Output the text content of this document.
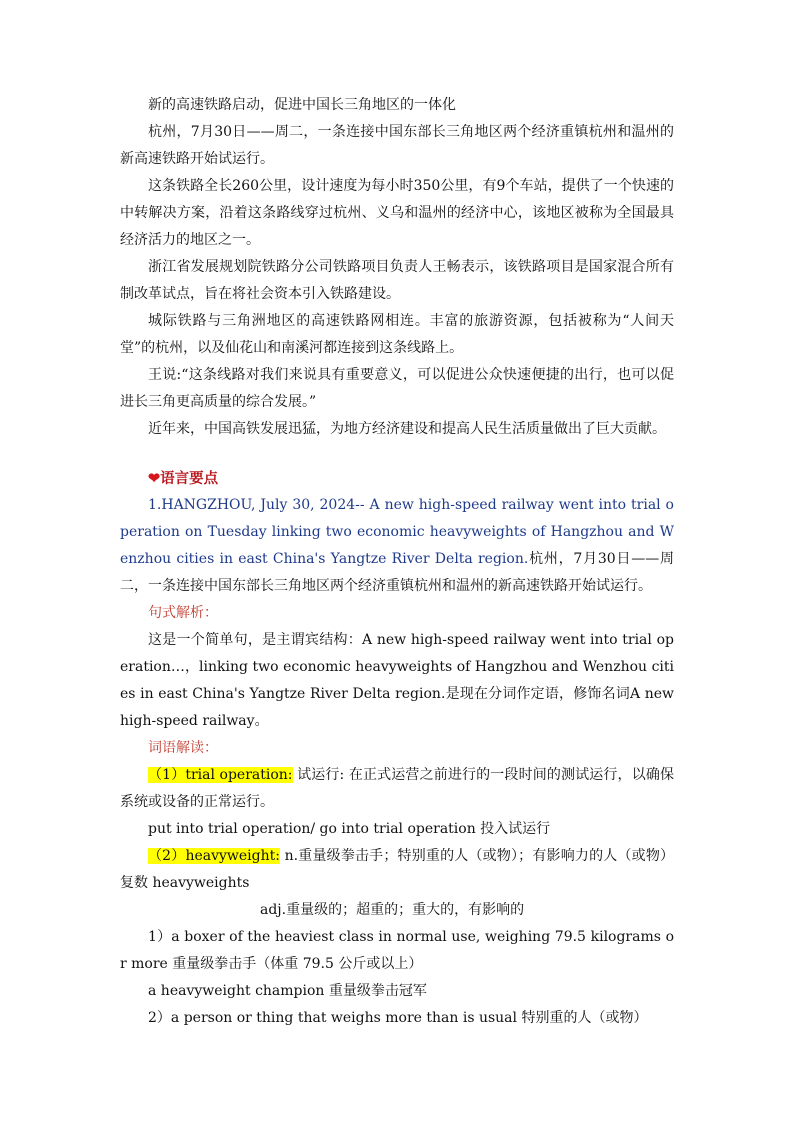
新的高速铁路启动，促进中国长三角地区的一体化

杭州，7月30日——周二，一条连接中国东部长三角地区两个经济重镇杭州和温州的新高速铁路开始试运行。

这条铁路全长260公里，设计速度为每小时350公里，有9个车站，提供了一个快速的中转解决方案，沿着这条路线穿过杭州、义乌和温州的经济中心，该地区被称为全国最具经济活力的地区之一。

浙江省发展规划院铁路分公司铁路项目负责人王畅表示，该铁路项目是国家混合所有制改革试点，旨在将社会资本引入铁路建设。

城际铁路与三角洲地区的高速铁路网相连。丰富的旅游资源，包括被称为“人间天堂”的杭州，以及仙花山和南溪河都连接到这条线路上。

王说:“这条线路对我们来说具有重要意义，可以促进公众快速便捷的出行，也可以促进长三角更高质量的综合发展。”

近年来，中国高铁发展迅猛，为地方经济建设和提高人民生活质量做出了巨大贡献。

❤语言要点

1.HANGZHOU, July 30, 2024-- A new high-speed railway went into trial operation on Tuesday linking two economic heavyweights of Hangzhou and Wenzhou cities in east China's Yangtze River Delta region.杭州，7月30日——周二，一条连接中国东部长三角地区两个经济重镇杭州和温州的新高速铁路开始试运行。

句式解析：

这是一个简单句，是主谓宾结构：A new high-speed railway went into trial operation…，linking two economic heavyweights of Hangzhou and Wenzhou cities in east China's Yangtze River Delta region.是现在分词作定语，修饰名词A new high-speed railway。

词语解读：

（1）trial operation: 试运行: 在正式运营之前进行的一段时间的测试运行，以确保系统或设备的正常运行。

put into trial operation/ go into trial operation 投入试运行

（2）heavyweight: n.重量级拳击手；特别重的人（或物）；有影响力的人（或物）复数 heavyweights

adj.重量级的；超重的；重大的，有影响的

1）a boxer of the heaviest class in normal use, weighing 79.5 kilograms or more 重量级拳击手（体重 79.5 公斤或以上）

a heavyweight champion 重量级拳击冠军

2）a person or thing that weighs more than is usual 特别重的人（或物）
